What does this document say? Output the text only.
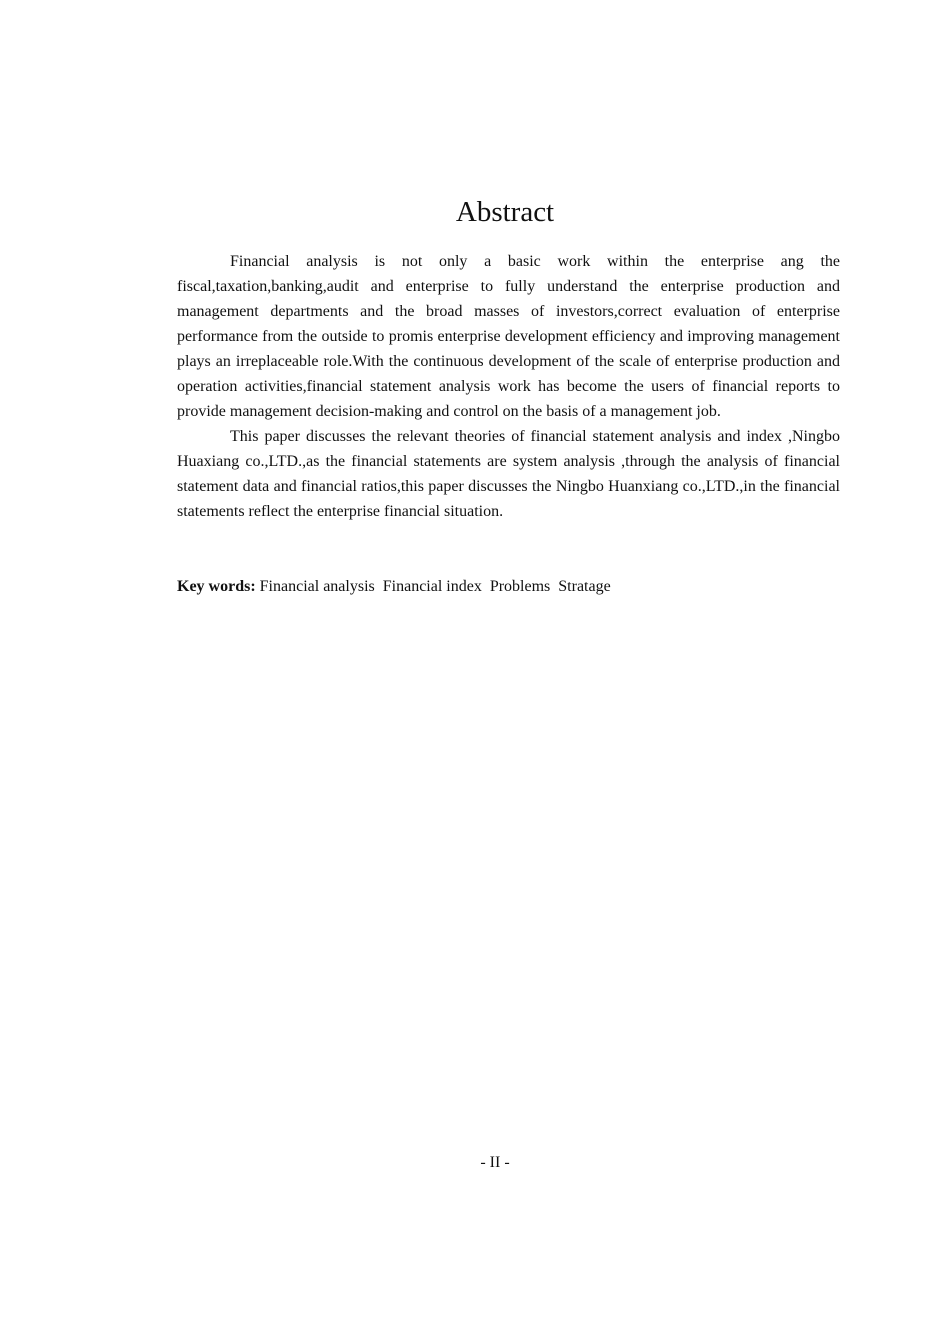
Abstract

Financial analysis is not only a basic work within the enterprise ang the fiscal,taxation,banking,audit and enterprise to fully understand the enterprise production and management departments and the broad masses of investors,correct evaluation of enterprise performance from the outside to promis enterprise development efficiency and improving management plays an irreplaceable role.With the continuous development of the scale of enterprise production and operation activities,financial statement analysis work has become the users of financial reports to provide management decision-making and control on the basis of a management job.

This paper discusses the relevant theories of financial statement analysis and index ,Ningbo Huaxiang co.,LTD.,as the financial statements are system analysis ,through the analysis of financial statement data and financial ratios,this paper discusses the Ningbo Huanxiang co.,LTD.,in the financial statements reflect the enterprise financial situation.

Key words: Financial analysis  Financial index  Problems  Stratage
- II -
